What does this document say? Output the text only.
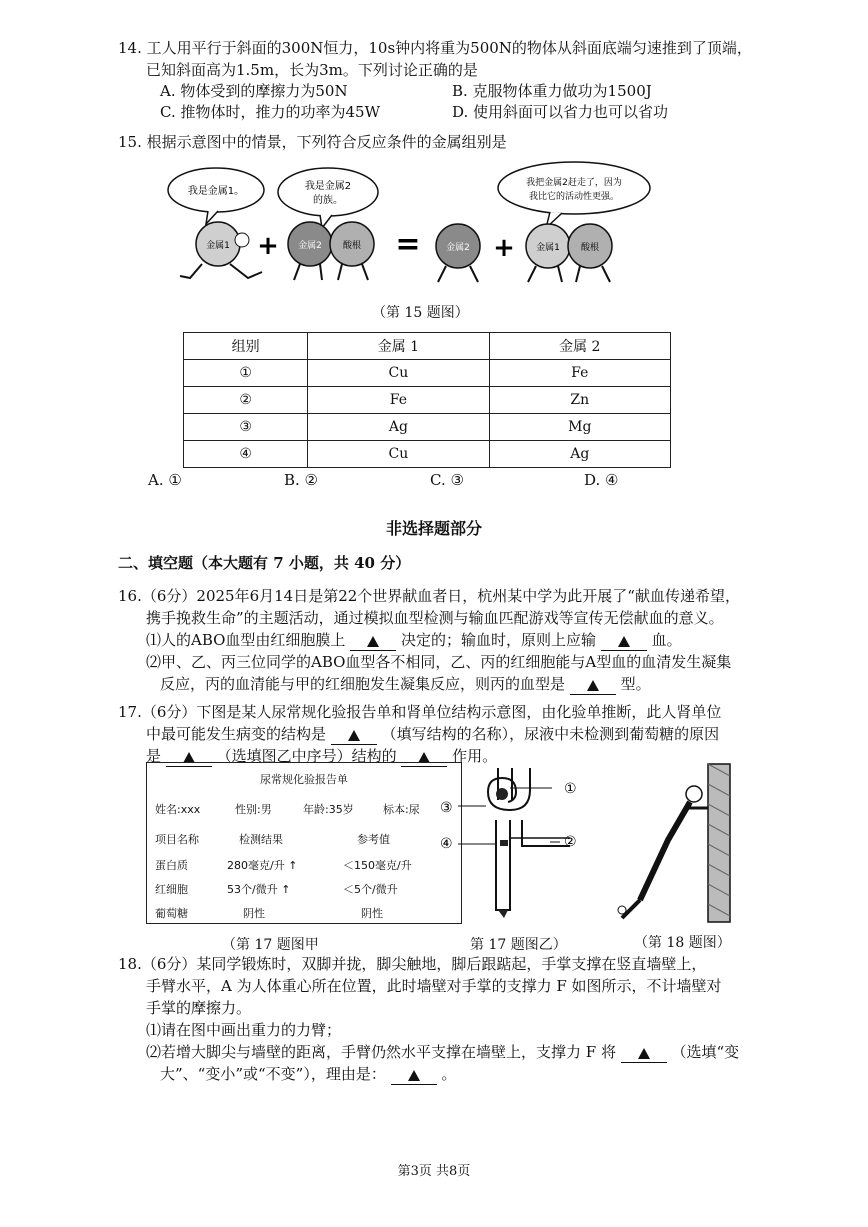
14. 工人用平行于斜面的300N恒力，10s钟内将重为500N的物体从斜面底端匀速推到了顶端，
已知斜面高为1.5m，长为3m。下列讨论正确的是
A. 物体受到的摩擦力为50N	B. 克服物体重力做功为1500J
C. 推物体时，推力的功率为45W	D. 使用斜面可以省力也可以省功
15. 根据示意图中的情景，下列符合反应条件的金属组别是
我是金属1。	我是金属2
的族。
我把金属2赶走了，因为
我比它的活动性更强。
金属1 + 金属2 酸根 =	金属2 + 金属1 酸根
（第 15 题图）
组别	金属 1	金属 2
①	Cu	Fe
②	Fe	Zn
③	Ag	Mg
④	Cu	Ag
A. ①	B. ②	C. ③	D. ④
非选择题部分
二、填空题（本大题有 7 小题，共 40 分）
16.（6分）2025年6月14日是第22个世界献血者日，杭州某中学为此开展了“献血传递希望，
携手挽救生命”的主题活动，通过模拟血型检测与输血匹配游戏等宣传无偿献血的意义。
⑴人的ABO血型由红细胞膜上	决定的；输血时，原则上应输	血。
⑵甲、乙、丙三位同学的ABO血型各不相同，乙、丙的红细胞能与A型血的血清发生凝集
反应，丙的血清能与甲的红细胞发生凝集反应，则丙的血型是	型。
17.（6分）下图是某人尿常规化验报告单和肾单位结构示意图，由化验单推断，此人肾单位
中最可能发生病变的结构是	（填写结构的名称），尿液中未检测到葡萄糖的原因
是	（选填图乙中序号）结构的	作用。
尿常规化验报告单
姓名:xxx	性别:男	年龄:35岁	标本:尿
项目名称	检测结果	参考值
蛋白质	280毫克/升 ↑	＜150毫克/升
红细胞	53个/微升 ↑	＜5个/微升
葡萄糖	阴性	阴性
①
②
③
④
（第 17 题图甲	第 17 题图乙）	（第 18 题图）
18.（6分）某同学锻炼时，双脚并拢，脚尖触地，脚后跟踮起，手掌支撑在竖直墙壁上，
手臂水平，A 为人体重心所在位置，此时墙壁对手掌的支撑力 F 如图所示，不计墙壁对
手掌的摩擦力。
⑴请在图中画出重力的力臂；
⑵若增大脚尖与墙壁的距离，手臂仍然水平支撑在墙壁上，支撑力 F 将	（选填“变
大”、“变小”或“不变”），理由是：	。
第3页 共8页
